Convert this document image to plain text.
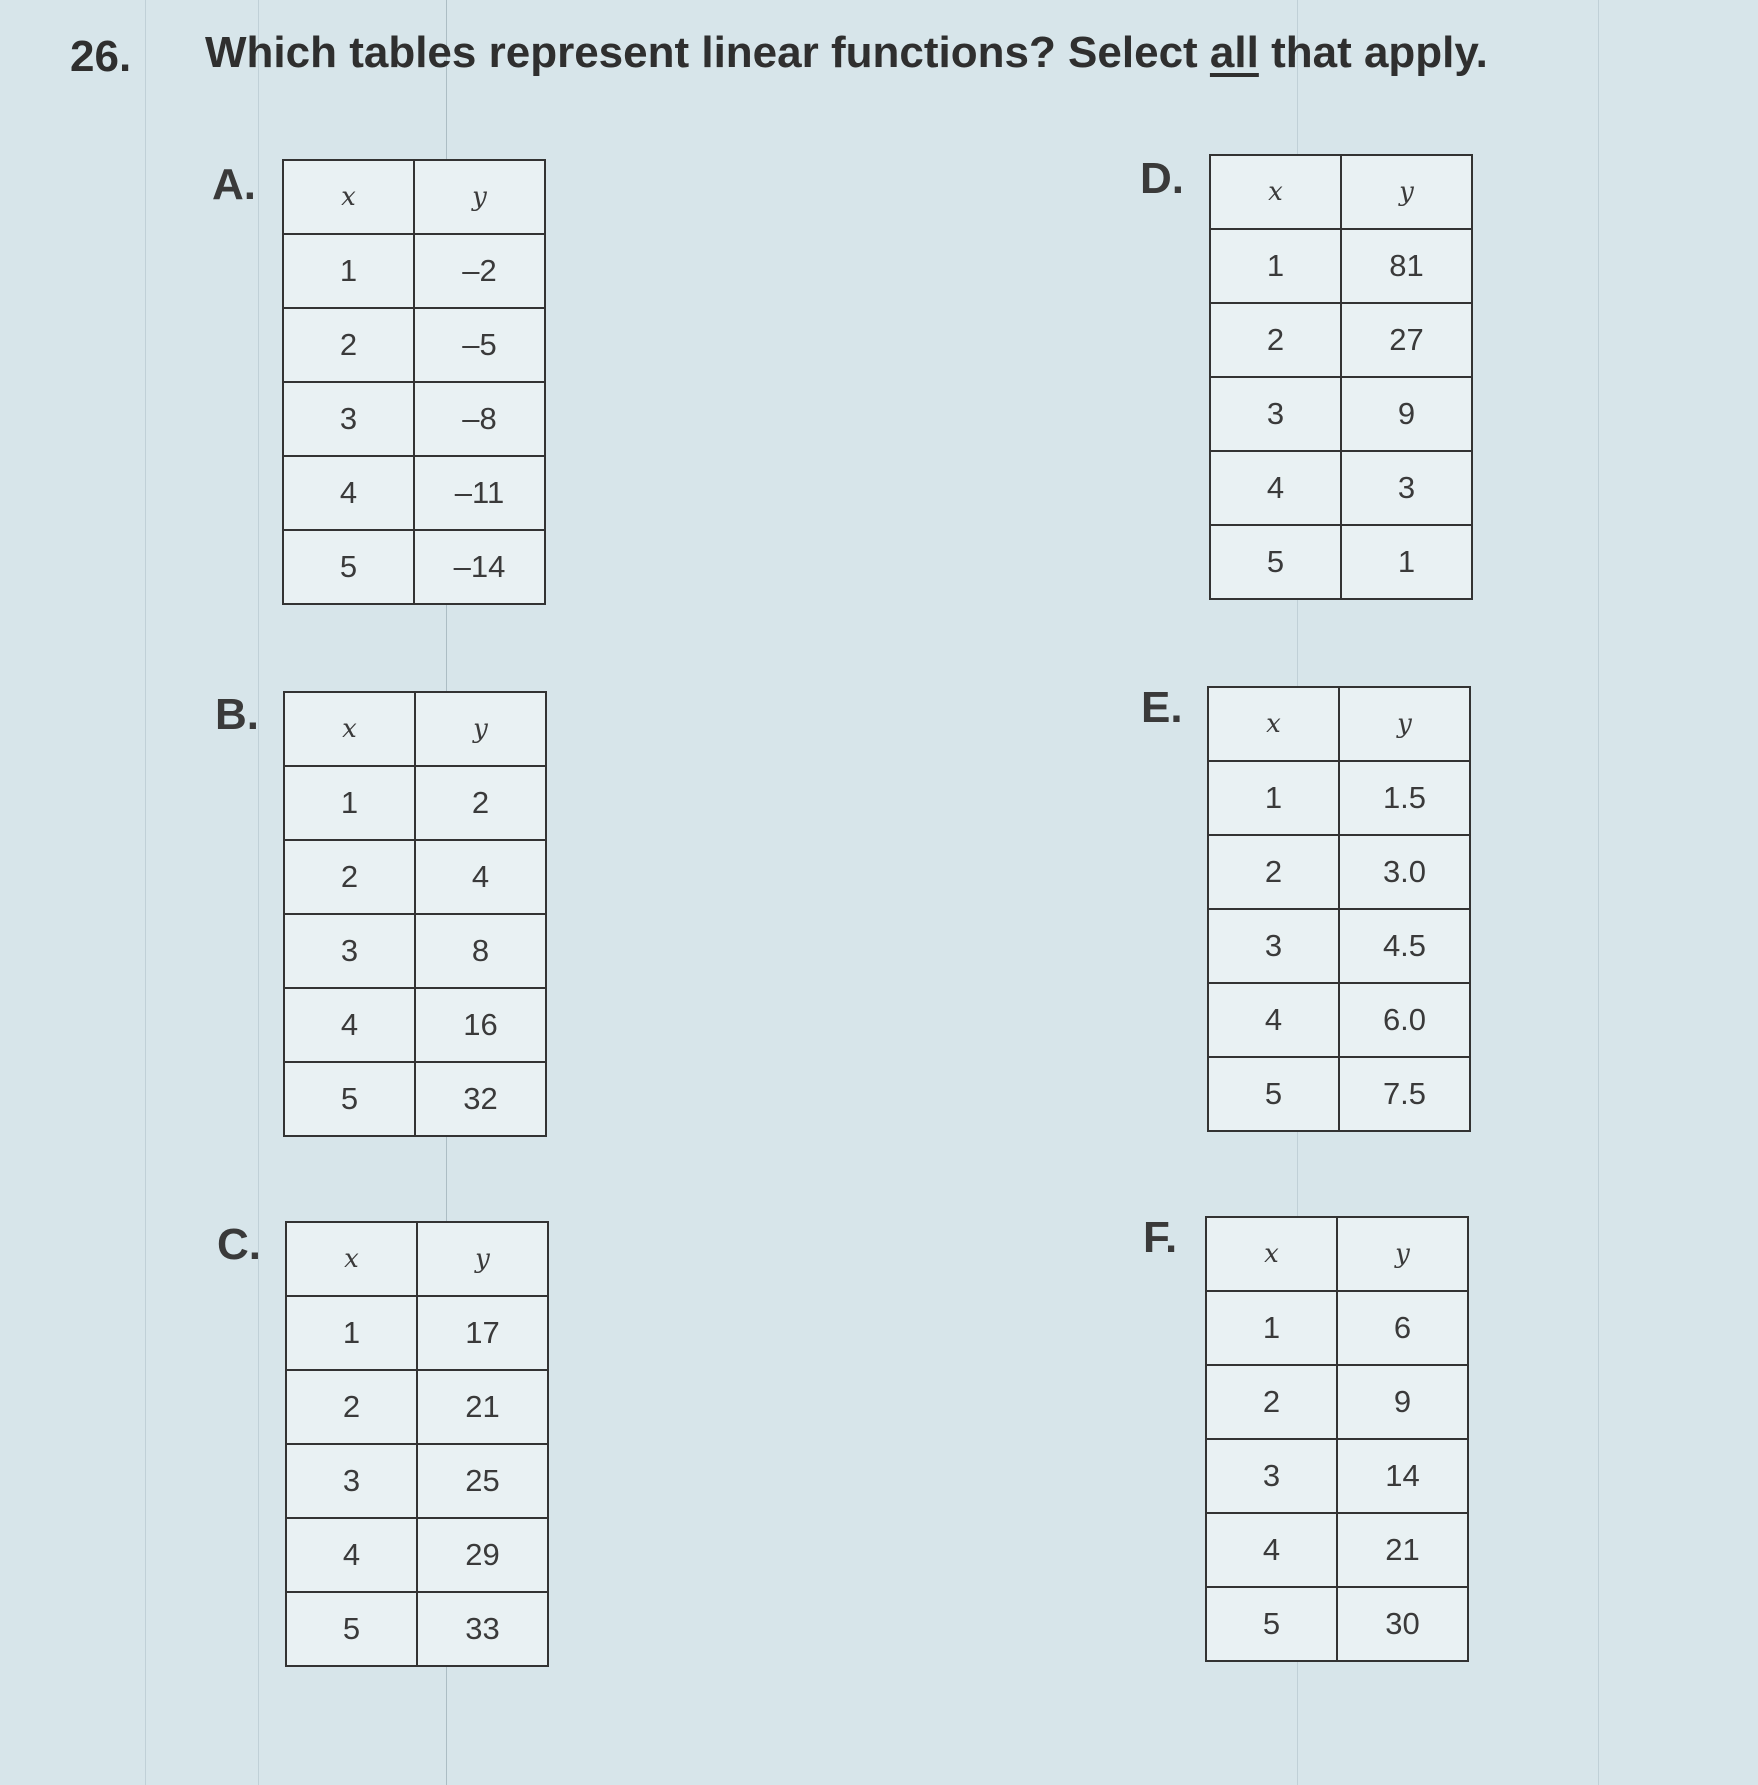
26. Which tables represent linear functions? Select all that apply.
A.	x	y
1	–2
2	–5
3	–8
4	–11
5	–14
B.	x	y
1	2
2	4
3	8
4	16
5	32
C.	x	y
1	17
2	21
3	25
4	29
5	33
D.	x	y
1	81
2	27
3	9
4	3
5	1
E.	x	y
1	1.5
2	3.0
3	4.5
4	6.0
5	7.5
F.	x	y
1	6
2	9
3	14
4	21
5	30
